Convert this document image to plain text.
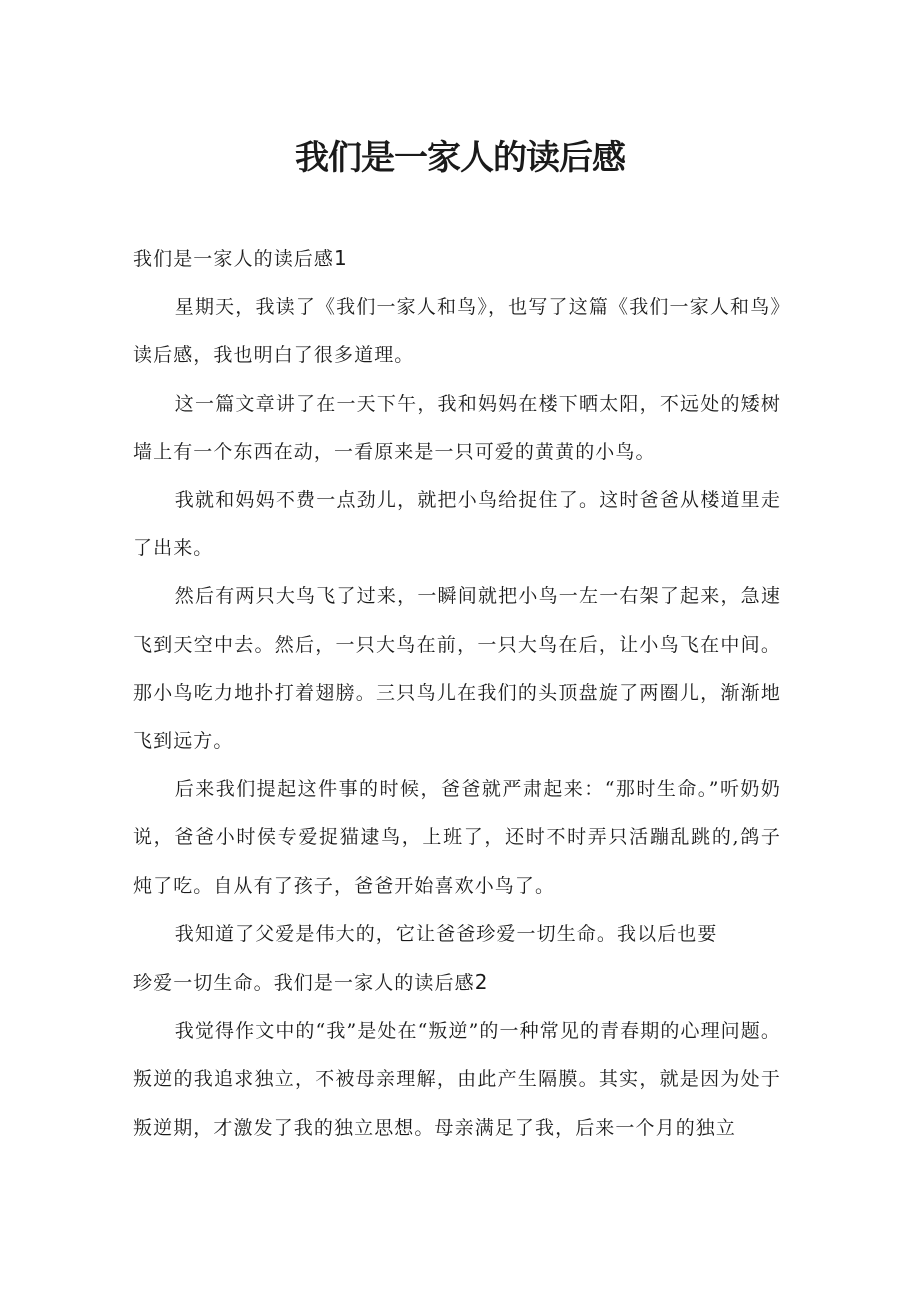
我们是一家人的读后感

我们是一家人的读后感1

星期天，我读了《我们一家人和鸟》，也写了这篇《我们一家人和鸟》读后感，我也明白了很多道理。

这一篇文章讲了在一天下午，我和妈妈在楼下晒太阳，不远处的矮树墙上有一个东西在动，一看原来是一只可爱的黄黄的小鸟。

我就和妈妈不费一点劲儿，就把小鸟给捉住了。这时爸爸从楼道里走了出来。

然后有两只大鸟飞了过来，一瞬间就把小鸟一左一右架了起来，急速飞到天空中去。然后，一只大鸟在前，一只大鸟在后，让小鸟飞在中间。那小鸟吃力地扑打着翅膀。三只鸟儿在我们的头顶盘旋了两圈儿，渐渐地飞到远方。

后来我们提起这件事的时候，爸爸就严肃起来：“那时生命。”听奶奶说，爸爸小时侯专爱捉猫逮鸟，上班了，还时不时弄只活蹦乱跳的,鸽子炖了吃。自从有了孩子，爸爸开始喜欢小鸟了。

我知道了父爱是伟大的，它让爸爸珍爱一切生命。我以后也要

珍爱一切生命。我们是一家人的读后感2

我觉得作文中的“我”是处在“叛逆”的一种常见的青春期的心理问题。叛逆的我追求独立，不被母亲理解，由此产生隔膜。其实，就是因为处于叛逆期，才激发了我的独立思想。母亲满足了我，后来一个月的独立
